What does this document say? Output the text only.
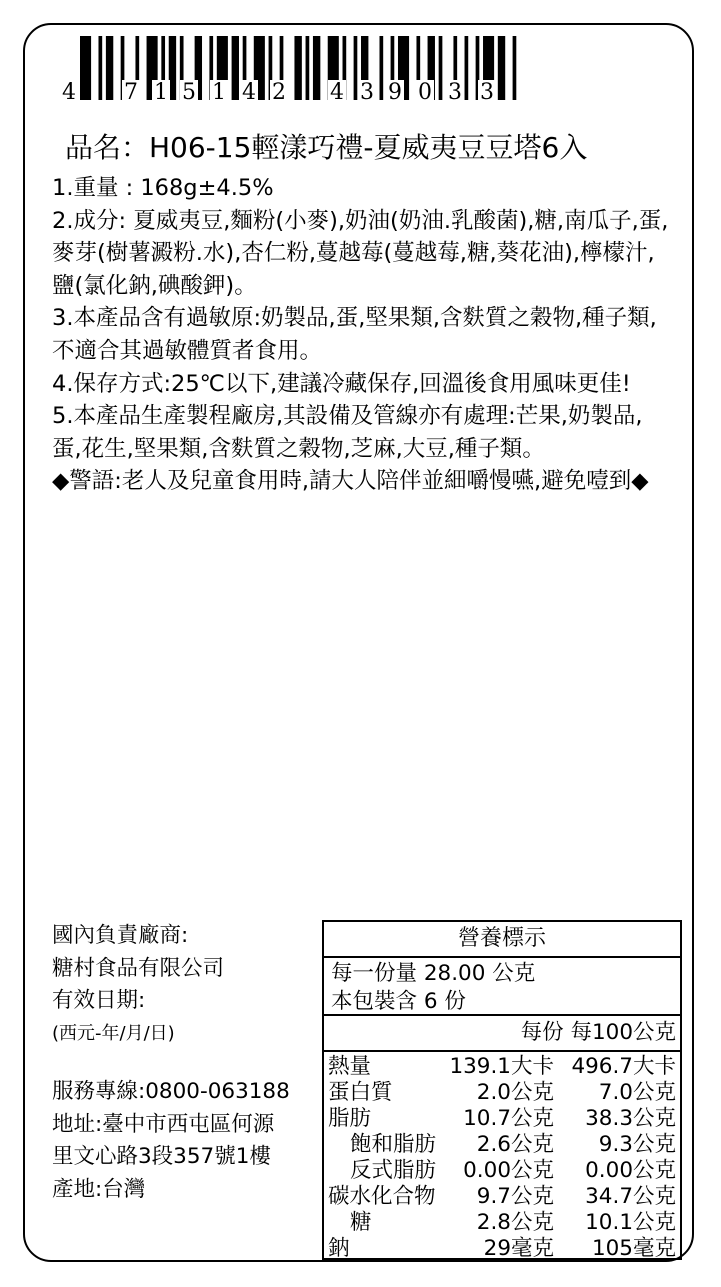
4 7 1 5 1 4 2 4 3 9 0 3 3
品名：H06-15輕漾巧禮-夏威夷豆豆塔6入

1.重量 : 168g±4.5%

2.成分: 夏威夷豆,麵粉(小麥),奶油(奶油.乳酸菌),糖,南瓜子,蛋,麥芽(樹薯澱粉.水),杏仁粉,蔓越莓(蔓越莓,糖,葵花油),檸檬汁,鹽(氯化鈉,碘酸鉀)。

3.本產品含有過敏原:奶製品,蛋,堅果類,含麩質之穀物,種子類,不適合其過敏體質者食用。

4.保存方式:25℃以下,建議冷藏保存,回溫後食用風味更佳!

5.本產品生產製程廠房,其設備及管線亦有處理:芒果,奶製品,蛋,花生,堅果類,含麩質之穀物,芝麻,大豆,種子類。

◆警語:老人及兒童食用時,請大人陪伴並細嚼慢嚥,避免噎到◆

國內負責廠商:
糖村食品有限公司
有效日期:
(西元-年/月/日)
服務專線:0800-063188
地址:臺中市西屯區何源
里文心路3段357號1樓
產地:台灣
營養標示
每一份量 28.00 公克
本包裝含 6 份
每份 每100公克
熱量	139.1大卡 496.7大卡
蛋白質	2.0公克 7.0公克
脂肪	10.7公克 38.3公克
飽和脂肪 2.6公克 9.3公克
反式脂肪 0.00公克 0.00公克
碳水化合物 9.7公克 34.7公克
糖	2.8公克 10.1公克
鈉	29毫克 105毫克
